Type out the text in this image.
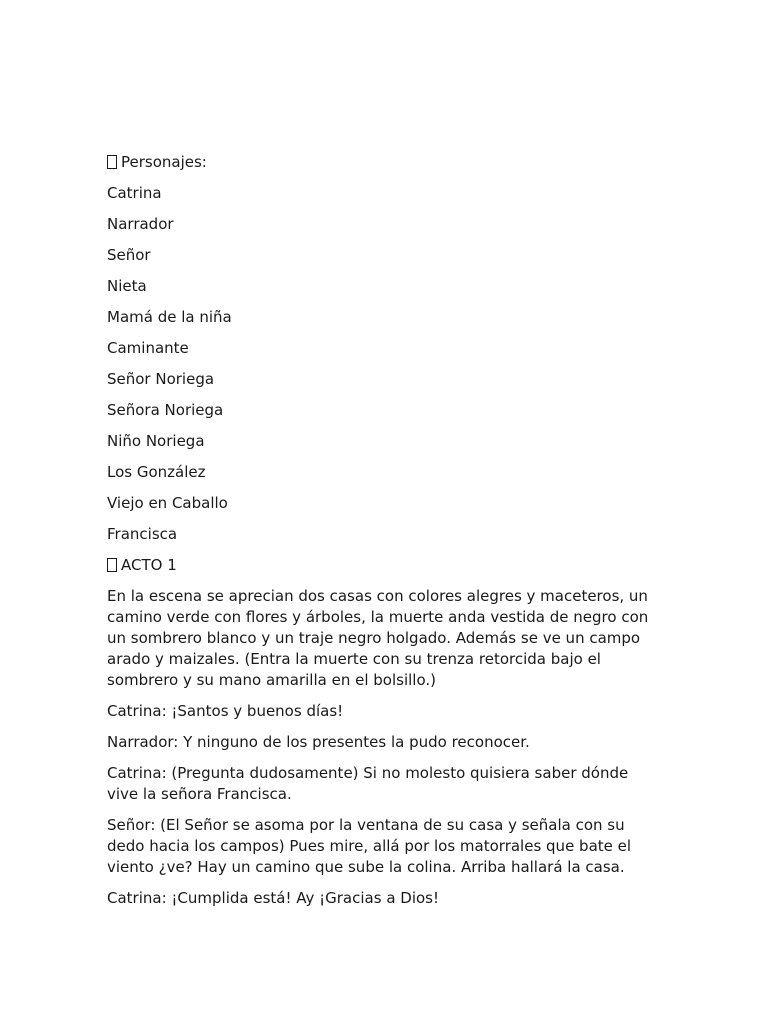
Personajes:
Catrina
Narrador
Señor
Nieta
Mamá de la niña
Caminante
Señor Noriega
Señora Noriega
Niño Noriega
Los González
Viejo en Caballo
Francisca
ACTO 1

En la escena se aprecian dos casas con colores alegres y maceteros, un camino verde con flores y árboles, la muerte anda vestida de negro con un sombrero blanco y un traje negro holgado. Además se ve un campo arado y maizales. (Entra la muerte con su trenza retorcida bajo el sombrero y su mano amarilla en el bolsillo.)

Catrina: ¡Santos y buenos días!

Narrador: Y ninguno de los presentes la pudo reconocer.

Catrina: (Pregunta dudosamente) Si no molesto quisiera saber dónde vive la señora Francisca.

Señor: (El Señor se asoma por la ventana de su casa y señala con su dedo hacia los campos) Pues mire, allá por los matorrales que bate el viento ¿ve? Hay un camino que sube la colina. Arriba hallará la casa.

Catrina: ¡Cumplida está! Ay ¡Gracias a Dios!
